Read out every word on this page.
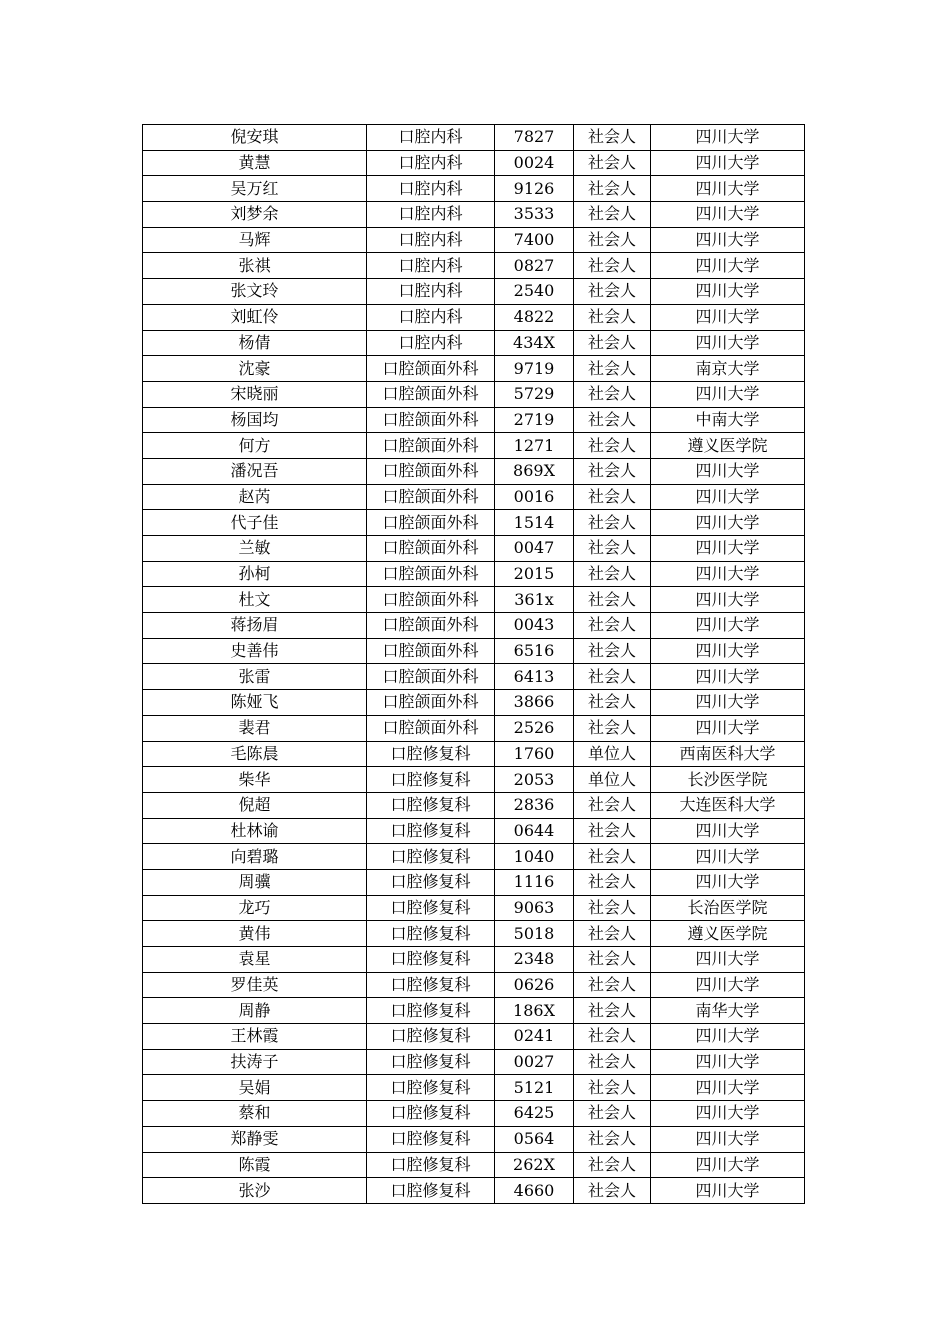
倪安琪	口腔内科	7827	社会人	四川大学
黄慧	口腔内科	0024	社会人	四川大学
吴万红	口腔内科	9126	社会人	四川大学
刘梦余	口腔内科	3533	社会人	四川大学
马辉	口腔内科	7400	社会人	四川大学
张祺	口腔内科	0827	社会人	四川大学
张文玲	口腔内科	2540	社会人	四川大学
刘虹伶	口腔内科	4822	社会人	四川大学
杨倩	口腔内科	434X	社会人	四川大学
沈豪	口腔颌面外科	9719	社会人	南京大学
宋晓丽	口腔颌面外科	5729	社会人	四川大学
杨国均	口腔颌面外科	2719	社会人	中南大学
何方	口腔颌面外科	1271	社会人	遵义医学院
潘况吾	口腔颌面外科	869X	社会人	四川大学
赵芮	口腔颌面外科	0016	社会人	四川大学
代子佳	口腔颌面外科	1514	社会人	四川大学
兰敏	口腔颌面外科	0047	社会人	四川大学
孙柯	口腔颌面外科	2015	社会人	四川大学
杜文	口腔颌面外科	361x	社会人	四川大学
蒋扬眉	口腔颌面外科	0043	社会人	四川大学
史善伟	口腔颌面外科	6516	社会人	四川大学
张雷	口腔颌面外科	6413	社会人	四川大学
陈娅飞	口腔颌面外科	3866	社会人	四川大学
裴君	口腔颌面外科	2526	社会人	四川大学
毛陈晨	口腔修复科	1760	单位人	西南医科大学
柴华	口腔修复科	2053	单位人	长沙医学院
倪超	口腔修复科	2836	社会人	大连医科大学
杜林谕	口腔修复科	0644	社会人	四川大学
向碧璐	口腔修复科	1040	社会人	四川大学
周骥	口腔修复科	1116	社会人	四川大学
龙巧	口腔修复科	9063	社会人	长治医学院
黄伟	口腔修复科	5018	社会人	遵义医学院
袁星	口腔修复科	2348	社会人	四川大学
罗佳英	口腔修复科	0626	社会人	四川大学
周静	口腔修复科	186X	社会人	南华大学
王林霞	口腔修复科	0241	社会人	四川大学
扶涛子	口腔修复科	0027	社会人	四川大学
吴娟	口腔修复科	5121	社会人	四川大学
蔡和	口腔修复科	6425	社会人	四川大学
郑静雯	口腔修复科	0564	社会人	四川大学
陈霞	口腔修复科	262X	社会人	四川大学
张沙	口腔修复科	4660	社会人	四川大学
